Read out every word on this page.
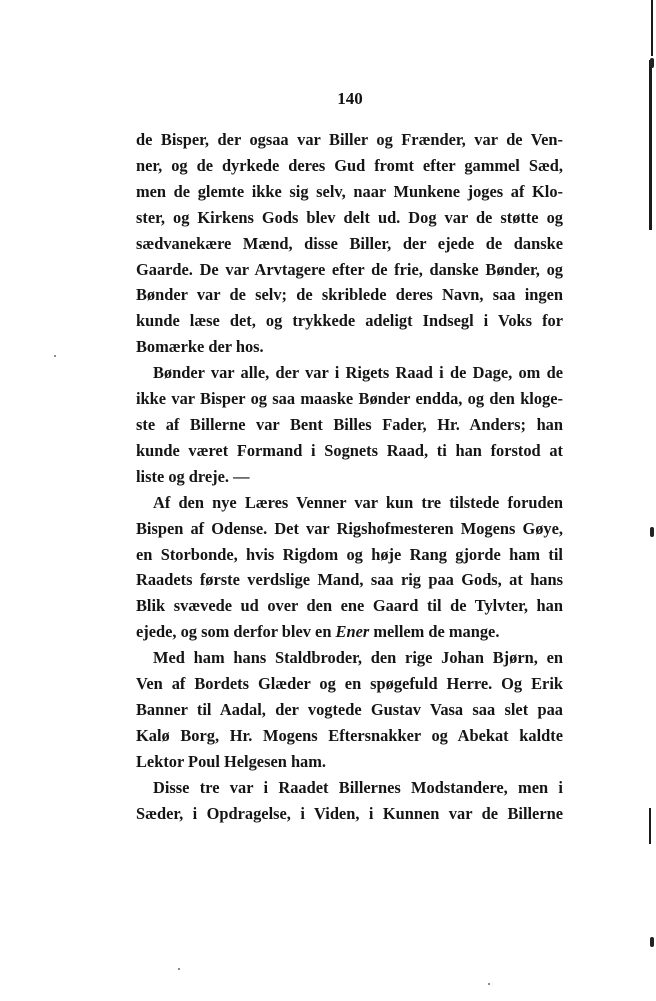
140

de Bisper, der ogsaa var Biller og Frænder, var de Ven-
ner, og de dyrkede deres Gud fromt efter gammel Sæd,
men de glemte ikke sig selv, naar Munkene joges af Klo-
ster, og Kirkens Gods blev delt ud. Dog var de støtte og
sædvanekære Mænd, disse Biller, der ejede de danske
Gaarde. De var Arvtagere efter de frie, danske Bønder, og
Bønder var de selv; de skriblede deres Navn, saa ingen
kunde læse det, og trykkede adeligt Indsegl i Voks for
Bomærke der hos.

Bønder var alle, der var i Rigets Raad i de Dage, om de
ikke var Bisper og saa maaske Bønder endda, og den kloge-
ste af Billerne var Bent Billes Fader, Hr. Anders; han
kunde været Formand i Sognets Raad, ti han forstod at
liste og dreje. —

Af den nye Læres Venner var kun tre tilstede foruden
Bispen af Odense. Det var Rigshofmesteren Mogens Gøye,
en Storbonde, hvis Rigdom og høje Rang gjorde ham til
Raadets første verdslige Mand, saa rig paa Gods, at hans
Blik svævede ud over den ene Gaard til de Tylvter, han
ejede, og som derfor blev en Ener mellem de mange.

Med ham hans Staldbroder, den rige Johan Bjørn, en
Ven af Bordets Glæder og en spøgefuld Herre. Og Erik
Banner til Aadal, der vogtede Gustav Vasa saa slet paa
Kalø Borg, Hr. Mogens Eftersnakker og Abekat kaldte
Lektor Poul Helgesen ham.

Disse tre var i Raadet Billernes Modstandere, men i
Sæder, i Opdragelse, i Viden, i Kunnen var de Billerne
